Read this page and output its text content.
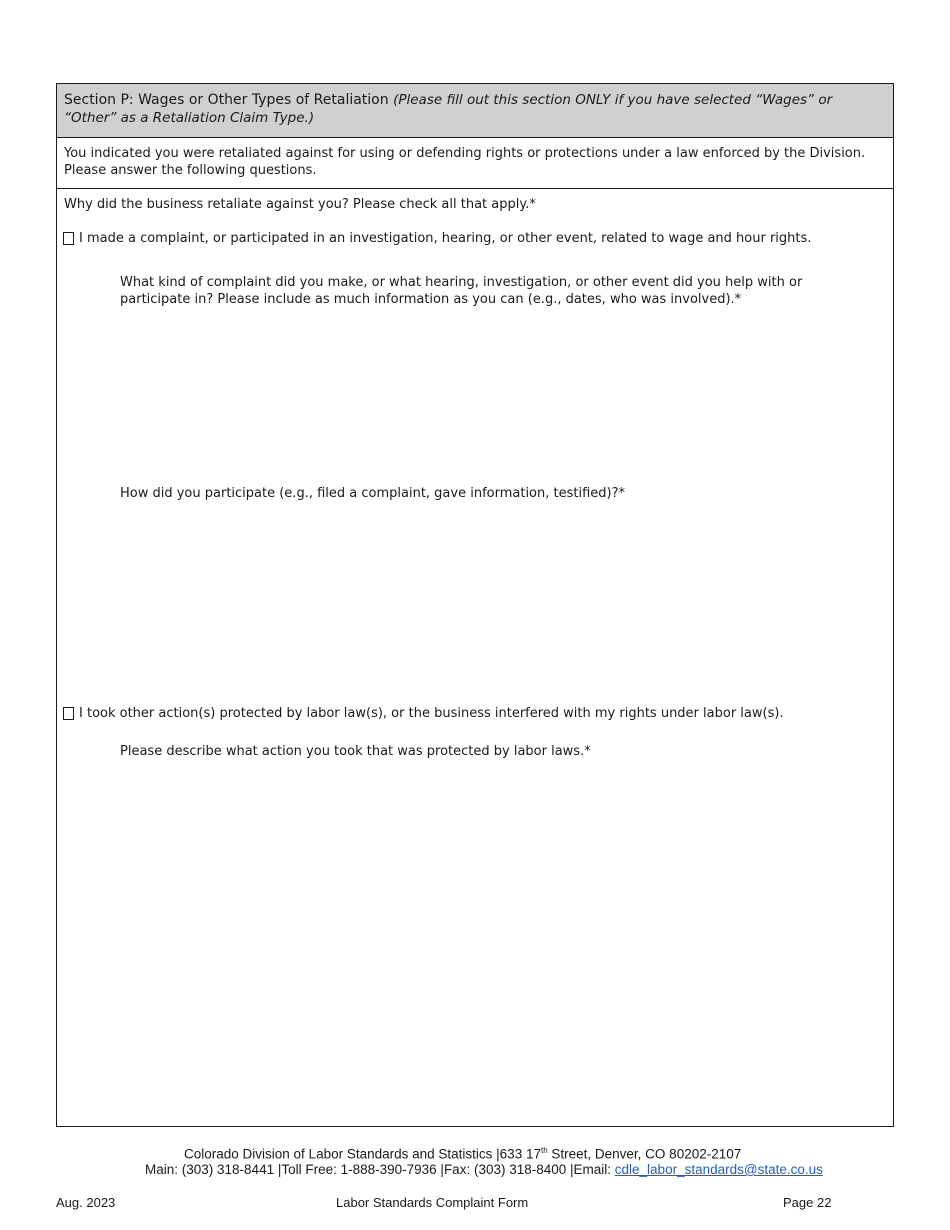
Section P: Wages or Other Types of Retaliation (Please fill out this section ONLY if you have selected “Wages” or “Other” as a Retaliation Claim Type.)
You indicated you were retaliated against for using or defending rights or protections under a law enforced by the Division. Please answer the following questions.
Why did the business retaliate against you? Please check all that apply.*
I made a complaint, or participated in an investigation, hearing, or other event, related to wage and hour rights.
What kind of complaint did you make, or what hearing, investigation, or other event did you help with or participate in? Please include as much information as you can (e.g., dates, who was involved).*
How did you participate (e.g., filed a complaint, gave information, testified)?*
I took other action(s) protected by labor law(s), or the business interfered with my rights under labor law(s).
Please describe what action you took that was protected by labor laws.*
Colorado Division of Labor Standards and Statistics |633 17th Street, Denver, CO 80202-2107
Main: (303) 318-8441 |Toll Free: 1-888-390-7936 |Fax: (303) 318-8400 |Email: cdle_labor_standards@state.co.us
Aug. 2023	Labor Standards Complaint Form	Page 22
